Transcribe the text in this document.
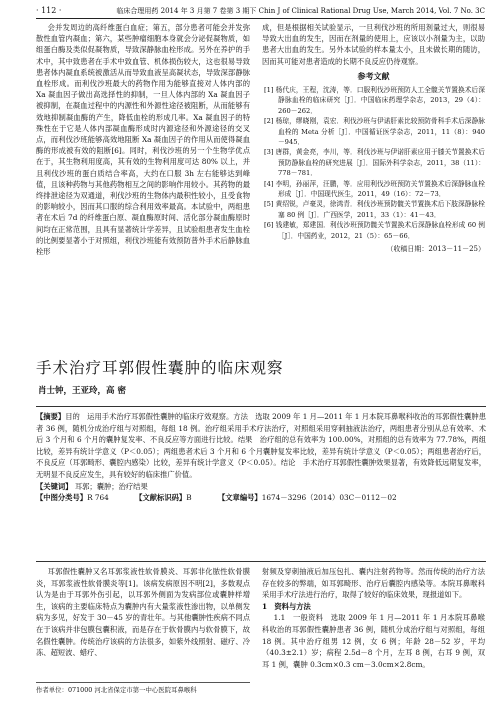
· 112 ·	临床合理用药 2014 年 3 月第 7 卷第 3 期下 Chin J of Clinical Rational Drug Use, March 2014, Vol. 7 No. 3C

会并发周边的高纤维蛋白血症；第五，部分患者可能会并发弥散性血管内凝血；第六，某些肿瘤细胞本身就会分泌促凝物质，如组蛋白酶及类似促凝物质，导致深静脉血栓形成。另外在养护的手术中，其中致患者在手术中致血管、机体损伤较大，这也很易导致患者体内凝血系统被激活从而导致血液呈高凝状态，导致深部静脉血栓形成。而利伐沙班最大的药物作用为能够直接对人体内部的 Xa 凝血因子做出高选择性的抑制，一旦人体内部的 Xa 凝血因子被抑制，在凝血过程中的内源性和外源性途径被阻断，从而能够有效地抑制凝血酶的产生，降低血栓的形成几率。Xa 凝血因子的特殊性在于它是人体内部凝血酶形成时内源途径和外源途径的交叉点，而利伐沙班能够高效地阻断 Xa 凝血因子的作用从而使得凝血酶的形成被有效的阻断[6]。同时，利伐沙班的另一个生物学优点在于，其生物利用度高，其有效的生物利用度可达 80% 以上，并且利伐沙班的蛋白质结合率高，大约在口服 3h 左右能够达到峰值，且该种药物与其他药物相互之间的影响作用较小。其药物的最终排泄途径为双通道，利伐沙班的生物体内最积性较小，且受食物的影响较小，因而其口服的综合利用效率最高。本试验中，两组患者在术后 7d 的纤维蛋白原、凝血酶原时间、活化部分凝血酶原时间均在正常范围，且具有显著统计学差异，且试验组患者发生血栓的比例要显著小于对照组，利伐沙班能有效预防普外手术后静脉血栓形

成，但是根据相关试验显示，一旦利伐沙班的所用剂量过大，则很易导致大出血的发生，因而在剂量的使用上，应该以小剂量为主，以助患者大出血的发生。另外本试验的样本量太小，且未做长期的随访，因而其可能对患者造成的长期不良反应仍待观察。

参考文献
[1] 杨代庆，王程，沈涛，等．口服利伐沙班预防人工全髋关节置换术后深静脉血栓的临床研究［J］．中国临床药理学杂志，2013，29（4）：260－262．
[2] 杨琼，缪晓刚，袁宏．利伐沙班与伊诺肝素比较预防骨科手术后深静脉血栓的 Meta 分析［J］．中国循证医学杂志，2011，11（8）：940－945．
[3] 唐群，黄金亮，李川，等．利伐沙班与伊诺肝素应用于膝关节置换术后预防静脉血栓的研究进展［J］．国际外科学杂志，2011，38（11）：778－781．
[4] 李明，孙丽萍，汪鹏，等．应用利伐沙班预防关节置换术后深静脉血栓形成［J］．中国现代医生，2011，49（16）：72－73．
[5] 黄绍锐，卢豪灵，徐鸿青．利伐沙班预防髋关节置换术后下肢深静脉栓塞 80 例［J］．广西医学，2011，33（1）：41－43．
[6] 钱建敏，郑建国．利伐沙班预防髋关节置换术后深静脉血栓形成 60 例［J］．中国药业，2012，21（5）：65－66．
（收稿日期：2013－11－25）
手术治疗耳郭假性囊肿的临床观察
肖士钟，王亚玲，高 密

【摘要】目的　运用手术治疗耳郭假性囊肿的临床疗效观察。方法　选取 2009 年 1 月—2011 年 1 月本院耳鼻喉科收治的耳郭假性囊肿患者 36 例，随机分成治疗组与对照组，每组 18 例。治疗组采用手术疗法治疗，对照组采用穿刺抽液法治疗，两组患者分别从总有效率、术后 3 个月和 6 个月的囊肿复发率、不良反应等方面进行比较。结果　治疗组的总有效率为 100.00%，对照组的总有效率为 77.78%，两组比较，差异有统计学意义（P＜0.05）；两组患者术后 3 个月和 6 个月囊肿复发率比较，差异有统计学意义（P＜0.05）；两组患者治疗后，不良反应（耳郭畸形、囊腔内感染）比较，差异有统计学意义（P＜0.05）。结论　手术治疗耳郭假性囊肿效果显著，有效降低远期复发率，无明显不良反应发生，具有较好的临床推广价值。

【关键词】 耳郭；囊肿；治疗结果

【中图分类号】R 764	【文献标识码】B	【文章编号】1674－3296（2014）03C－0112－02

耳郭假性囊肿又名耳郭浆液性软骨膜炎、耳郭非化脓性软骨膜炎，耳郭浆液性软骨膜炎等[1]。该病发病原因不明[2]，多数观点认为是由于耳郭外伤引起，以耳郭外侧面为发病部位或囊肿样增生，该病的主要临床特点为囊肿内有大量浆液性渗出物，以单侧发病为多见，好发于 30－45 岁的青壮年。与其他囊肿性疾病不同点在于该病并非包膜包囊积液，而是存在于软骨膜内与软骨膜下，故名假性囊肿。传统治疗该病的方法很多，如紫外线照射、磁疗、冷冻、超短波、蜡疗、

射频及穿刺抽液后加压包扎、囊内注射药物等。然而传统的治疗方法存在较多的弊端，如耳郭畸形、治疗后囊腔内感染等。本院耳鼻喉科采用手术疗法进行治疗，取得了较好的临床效果，现报道如下。

1　资料与方法

1.1　一般资料　选取 2009 年 1 月—2011 年 1 月本院耳鼻喉科收治的耳郭假性囊肿患者 36 例，随机分成治疗组与对照组，每组 18 例。其中治疗组男 12 例，女 6 例；年龄 28－52 岁，平均（40.3±2.1）岁；病程 2.5d－8 个月，左耳 8 例，右耳 9 例，双耳 1 例，囊肿 0.3cm×0.3 cm－3.0cm×2.8cm。

作者单位：071000 河北省保定市第一中心医院耳鼻喉科
